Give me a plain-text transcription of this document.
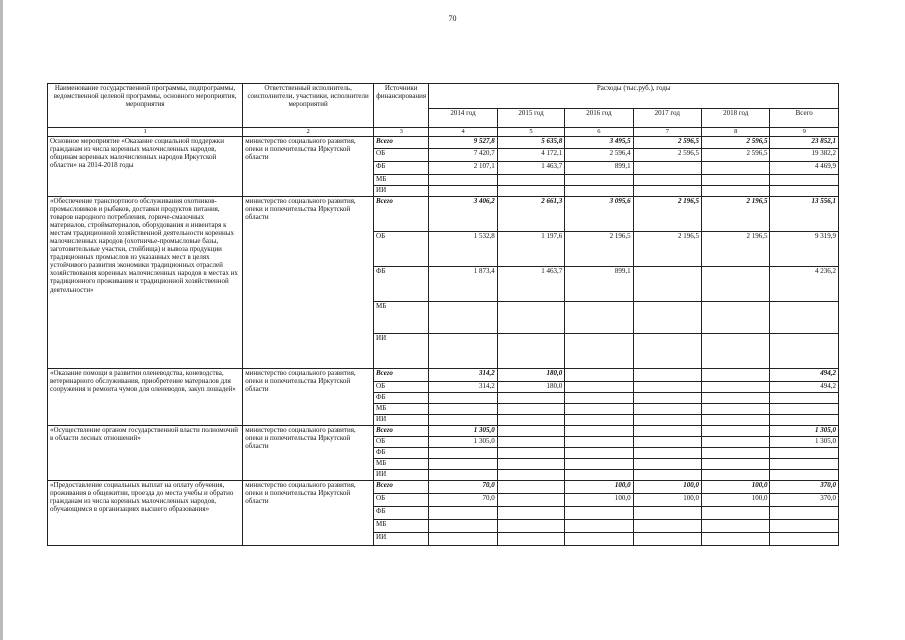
70
Наименование государственной программы, подпрограммы, ведомственной целевой программы, основного мероприятия, мероприятия	Ответственный исполнитель, соисполнители, участники, исполнители мероприятий	Источники финансирования	Расходы (тыс.руб.), годы					
			2014 год	2015 год	2016 год	2017 год	2018 год	Всего
1	2	3	4	5	6	7	8	9
Основное мероприятие «Оказание социальной поддержки гражданам из числа коренных малочисленных народов, общинам коренных малочисленных народов Иркутской области» на 2014-2018 годы	министерство социального развития, опеки и попечительства Иркутской области	Всего	9 527,8	5 635,8	3 495,5	2 596,5	2 596,5	23 852,1
		ОБ	7 420,7	4 172,1	2 596,4	2 596,5	2 596,5	19 382,2
		ФБ	2 107,1	1 463,7	899,1			4 469,9
		МБ						
		ИИ						
«Обеспечение транспортного обслуживания охотников-промысловиков и рыбаков, доставки продуктов питания, товаров народного потребления, горюче-смазочных материалов, стройматериалов, оборудования и инвентаря к местам традиционной хозяйственной деятельности коренных малочисленных народов (охотничье-промысловые базы, заготовительные участки, стойбища) и вывоза продукции традиционных промыслов из указанных мест в целях устойчивого развития экономики традиционных отраслей хозяйствования коренных малочисленных народов в местах их традиционного проживания и традиционной хозяйственной деятельности»	министерство социального развития, опеки и попечительства Иркутской области	Всего	3 406,2	2 661,3	3 095,6	2 196,5	2 196,5	13 556,1
		ОБ	1 532,8	1 197,6	2 196,5	2 196,5	2 196,5	9 319,9
		ФБ	1 873,4	1 463,7	899,1			4 236,2
		МБ						
		ИИ						
«Оказание помощи в развитии оленеводства, коневодства, ветеринарного обслуживания, приобретение материалов для сооружения и ремонта чумов для оленеводов, закуп лошадей»	министерство социального развития, опеки и попечительства Иркутской области	Всего	314,2	180,0				494,2
		ОБ	314,2	180,0				494,2
		ФБ						
		МБ						
		ИИ						
«Осуществление органом государственной власти полномочий в области лесных отношений»	министерство социального развития, опеки и попечительства Иркутской области	Всего	1 305,0					1 305,0
		ОБ	1 305,0					1 305,0
		ФБ						
		МБ						
		ИИ						
«Предоставление социальных выплат на оплату обучения, проживания в общежитии, проезда до места учебы и обратно гражданам из числа коренных малочисленных народов, обучающимся в организациях высшего образования»	министерство социального развития, опеки и попечительства Иркутской области	Всего	70,0		100,0	100,0	100,0	370,0
		ОБ	70,0		100,0	100,0	100,0	370,0
		ФБ						
		МБ						
		ИИ						
